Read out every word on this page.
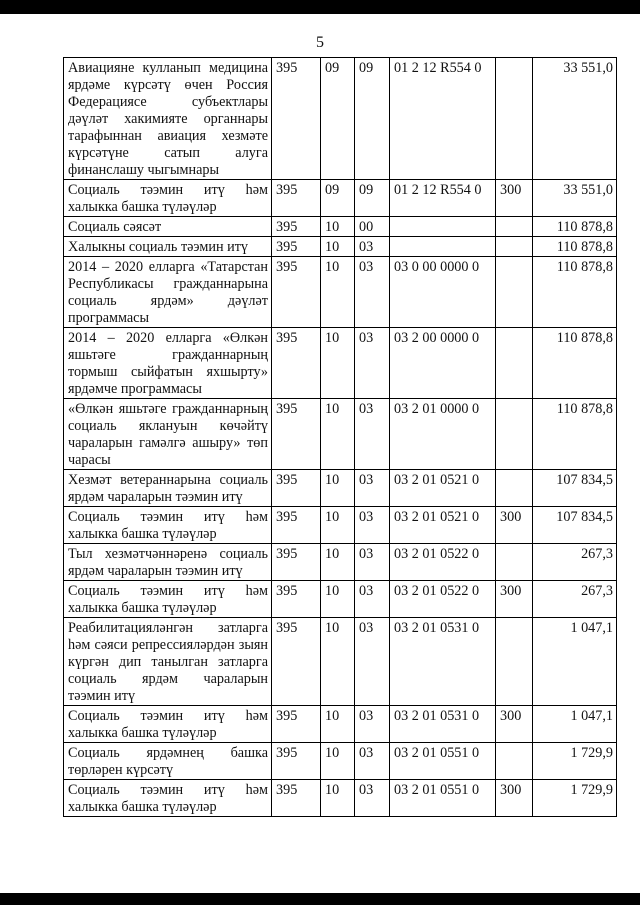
5
Авиацияне кулланып медицина ярдәме күрсәтү өчен Россия Федерациясе субъектлары дәүләт хакимияте органнары тарафыннан авиация хезмәте күрсәтүне сатып алуга финанслашу чыгымнары	395	09	09	01 2 12 R554 0		33 551,0
Социаль тәэмин итү һәм халыкка башка түләүләр	395	09	09	01 2 12 R554 0	300	33 551,0
Социаль сәясәт	395	10	00			110 878,8
Халыкны социаль тәэмин итү	395	10	03			110 878,8
2014 – 2020 елларга «Татарстан Республикасы гражданнарына социаль ярдәм» дәүләт программасы	395	10	03	03 0 00 0000 0		110 878,8
2014 – 2020 елларга «Өлкән яшьтәге гражданнарның тормыш сыйфатын яхшырту» ярдәмче программасы	395	10	03	03 2 00 0000 0		110 878,8
«Өлкән яшьтәге гражданнарның социаль яклануын көчәйтү чараларын гамәлгә ашыру» төп чарасы	395	10	03	03 2 01 0000 0		110 878,8
Хезмәт ветераннарына социаль ярдәм чараларын тәэмин итү	395	10	03	03 2 01 0521 0		107 834,5
Социаль тәэмин итү һәм халыкка башка түләүләр	395	10	03	03 2 01 0521 0	300	107 834,5
Тыл хезмәтчәннәренә социаль ярдәм чараларын тәэмин итү	395	10	03	03 2 01 0522 0		267,3
Социаль тәэмин итү һәм халыкка башка түләүләр	395	10	03	03 2 01 0522 0	300	267,3
Реабилитацияләнгән затларга һәм сәяси репрессияләрдән зыян күргән дип танылган затларга социаль ярдәм чараларын тәэмин итү	395	10	03	03 2 01 0531 0		1 047,1
Социаль тәэмин итү һәм халыкка башка түләүләр	395	10	03	03 2 01 0531 0	300	1 047,1
Социаль ярдәмнең башка төрләрен күрсәтү	395	10	03	03 2 01 0551 0		1 729,9
Социаль тәэмин итү һәм халыкка башка түләүләр	395	10	03	03 2 01 0551 0	300	1 729,9
